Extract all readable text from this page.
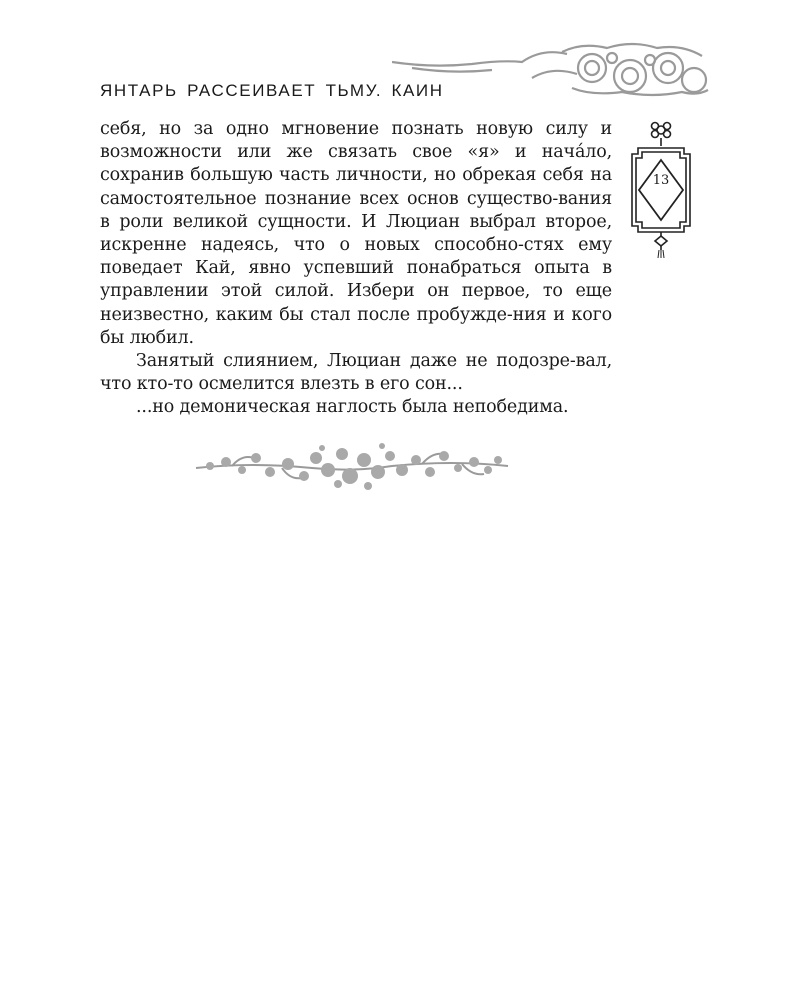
ЯНТАРЬ РАССЕИВАЕТ ТЬМУ. КАИН

себя, но за одно мгновение познать новую силу и возможности или же связать свое «я» и нача́ло, сохранив большую часть личности, но обрекая себя на самостоятельное познание всех основ существо-вания в роли великой сущности. И Люциан выбрал второе, искренне надеясь, что о новых способно-стях ему поведает Кай, явно успевший понабраться опыта в управлении этой силой. Избери он первое, то еще неизвестно, каким бы стал после пробужде-ния и кого бы любил.

Занятый слиянием, Люциан даже не подозре-вал, что кто-то осмелится влезть в его сон...

...но демоническая наглость была непобедима.

13
